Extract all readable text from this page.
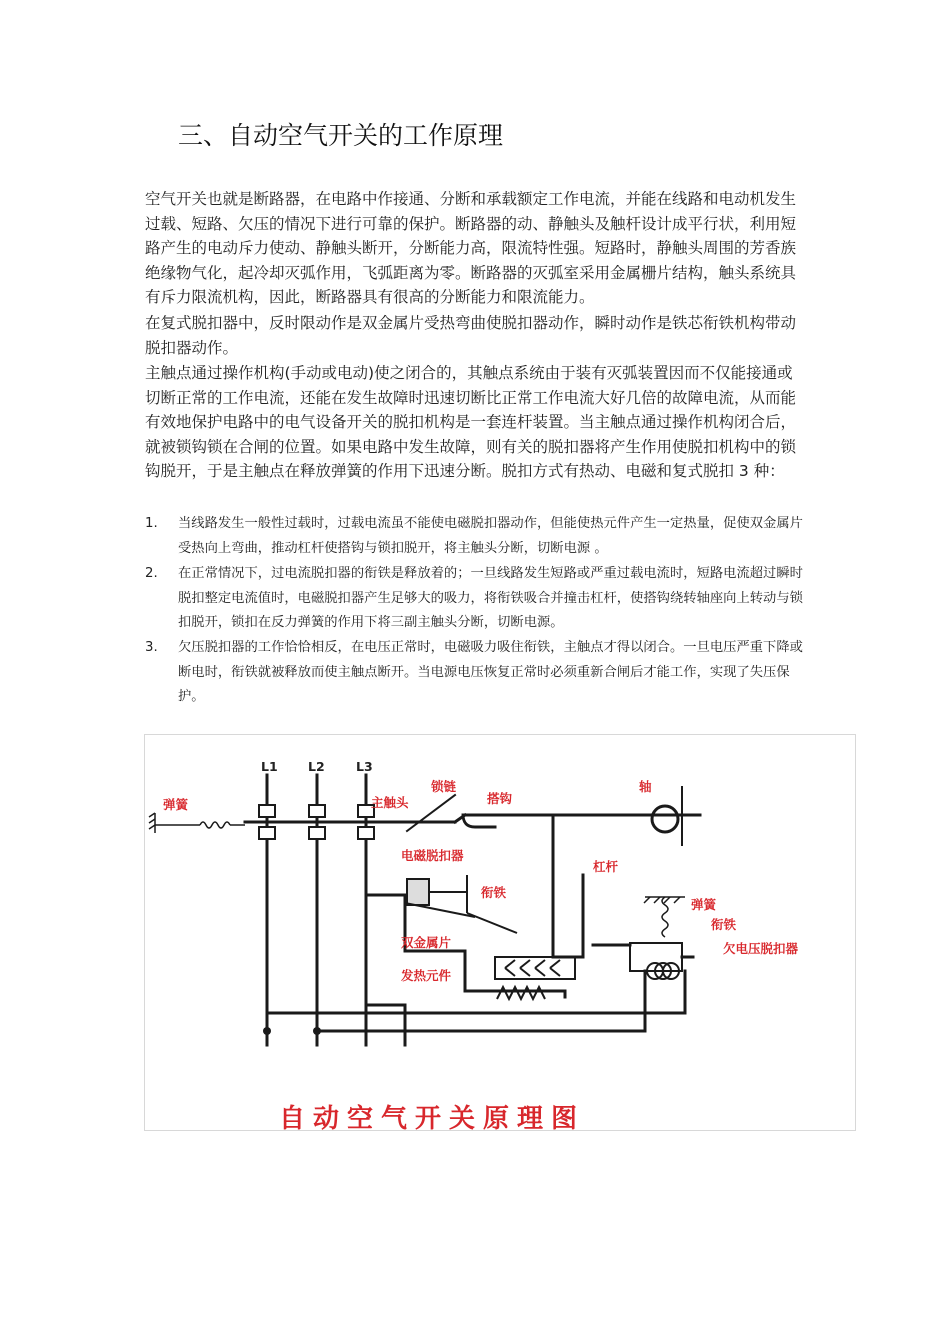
三、自动空气开关的工作原理
空气开关也就是断路器，在电路中作接通、分断和承载额定工作电流，并能在线路和电动机发生过载、短路、欠压的情况下进行可靠的保护。断路器的动、静触头及触杆设计成平行状，利用短路产生的电动斥力使动、静触头断开，分断能力高，限流特性强。短路时，静触头周围的芳香族绝缘物气化，起冷却灭弧作用，飞弧距离为零。断路器的灭弧室采用金属栅片结构，触头系统具有斥力限流机构，因此，断路器具有很高的分断能力和限流能力。
在复式脱扣器中，反时限动作是双金属片受热弯曲使脱扣器动作，瞬时动作是铁芯衔铁机构带动脱扣器动作。
主触点通过操作机构(手动或电动)使之闭合的，其触点系统由于装有灭弧装置因而不仅能接通或切断正常的工作电流，还能在发生故障时迅速切断比正常工作电流大好几倍的故障电流，从而能有效地保护电路中的电气设备开关的脱扣机构是一套连杆装置。当主触点通过操作机构闭合后，就被锁钩锁在合闸的位置。如果电路中发生故障，则有关的脱扣器将产生作用使脱扣机构中的锁钩脱开，于是主触点在释放弹簧的作用下迅速分断。脱扣方式有热动、电磁和复式脱扣 3 种：
1. 当线路发生一般性过载时，过载电流虽不能使电磁脱扣器动作，但能使热元件产生一定热量，促使双金属片受热向上弯曲，推动杠杆使搭钩与锁扣脱开，将主触头分断，切断电源 。
2. 在正常情况下，过电流脱扣器的衔铁是释放着的；一旦线路发生短路或严重过载电流时，短路电流超过瞬时脱扣整定电流值时，电磁脱扣器产生足够大的吸力，将衔铁吸合并撞击杠杆，使搭钩绕转轴座向上转动与锁扣脱开，锁扣在反力弹簧的作用下将三副主触头分断，切断电源。
3. 欠压脱扣器的工作恰恰相反，在电压正常时，电磁吸力吸住衔铁，主触点才得以闭合。一旦电压严重下降或断电时，衔铁就被释放而使主触点断开。当电源电压恢复正常时必须重新合闸后才能工作，实现了失压保护。
L1 L2	L3
弹簧	主触头
锁链
搭钩
轴
电磁脱扣器
杠杆
衔铁
双金属片
发热元件
弹簧
衔铁
欠电压脱扣器
自动空气开关原理图
